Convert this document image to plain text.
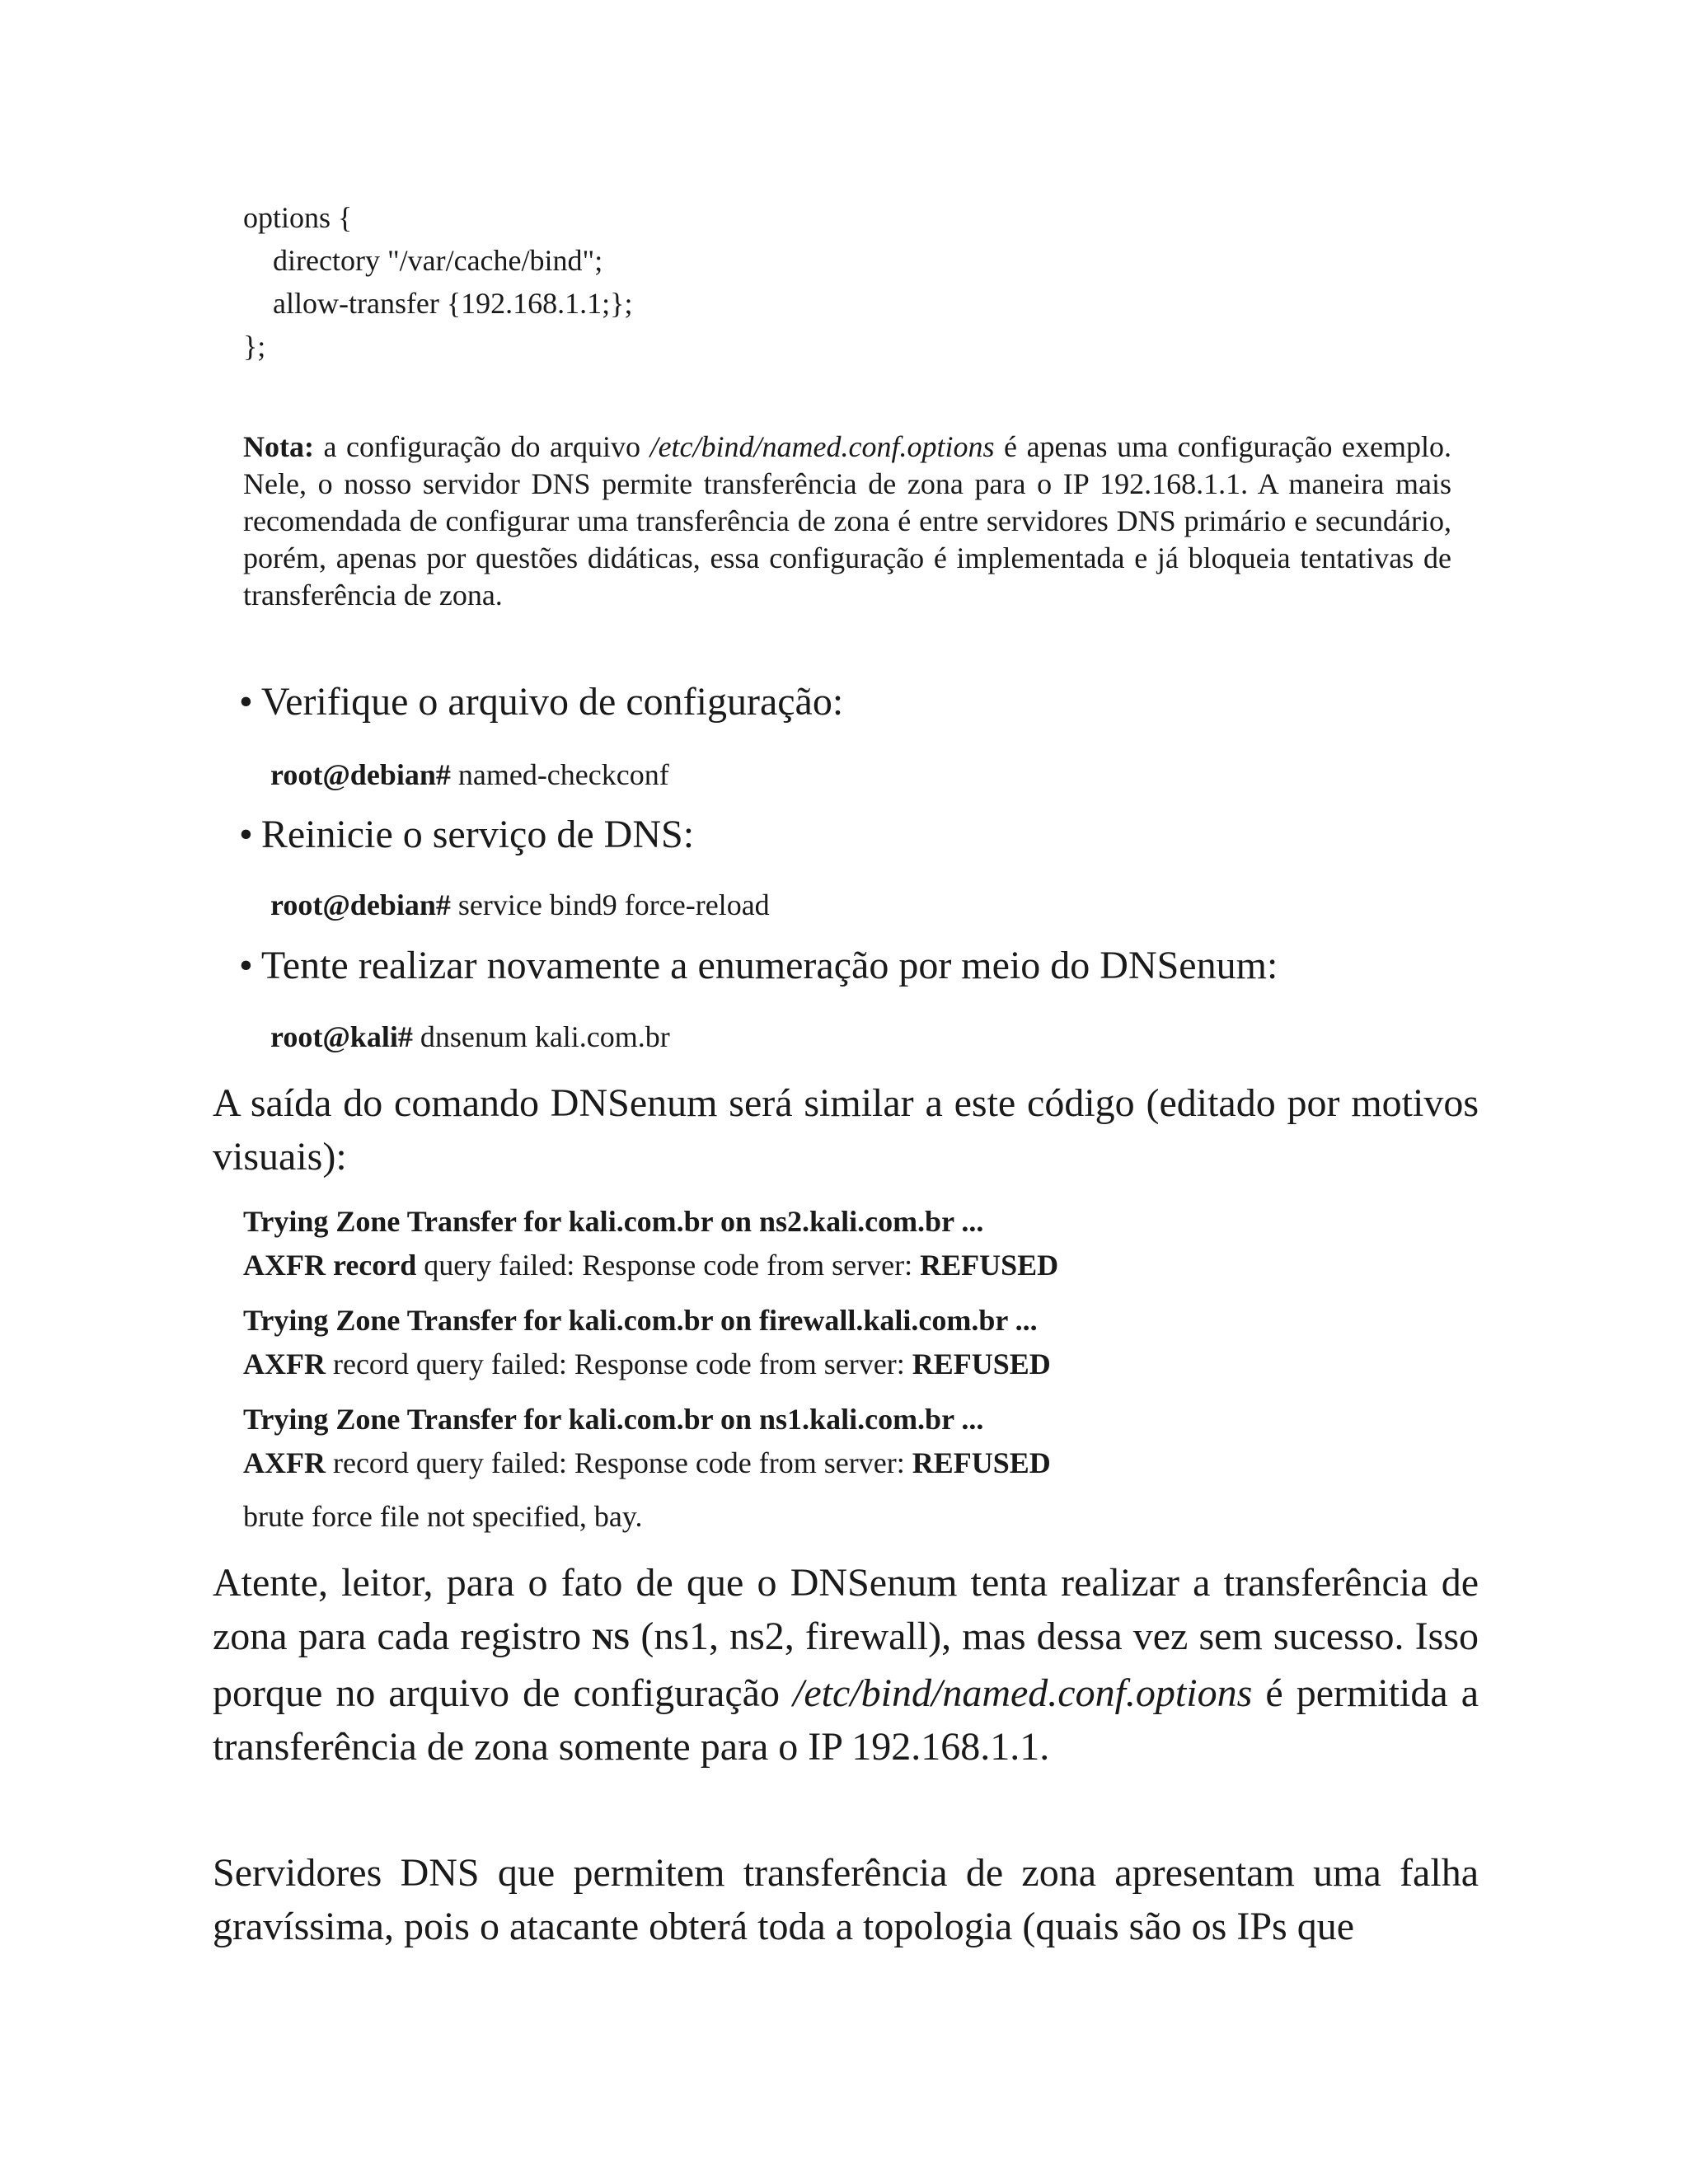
options {
directory "/var/cache/bind";
allow-transfer {192.168.1.1;};
};
Nota: a configuração do arquivo /etc/bind/named.conf.options é apenas uma configuração exemplo. Nele, o nosso servidor DNS permite transferência de zona para o IP 192.168.1.1. A maneira mais recomendada de configurar uma transferência de zona é entre servidores DNS primário e secundário, porém, apenas por questões didáticas, essa configuração é implementada e já bloqueia tentativas de transferência de zona.
• Verifique o arquivo de configuração:
root@debian# named-checkconf
• Reinicie o serviço de DNS:
root@debian# service bind9 force-reload
• Tente realizar novamente a enumeração por meio do DNSenum:
root@kali# dnsenum kali.com.br
A saída do comando DNSenum será similar a este código (editado por motivos visuais):
Trying Zone Transfer for kali.com.br on ns2.kali.com.br ...
AXFR record query failed: Response code from server: REFUSED
Trying Zone Transfer for kali.com.br on firewall.kali.com.br ...
AXFR record query failed: Response code from server: REFUSED
Trying Zone Transfer for kali.com.br on ns1.kali.com.br ...
AXFR record query failed: Response code from server: REFUSED
brute force file not specified, bay.
Atente, leitor, para o fato de que o DNSenum tenta realizar a transferência de zona para cada registro NS (ns1, ns2, firewall), mas dessa vez sem sucesso. Isso porque no arquivo de configuração /etc/bind/named.conf.options é permitida a transferência de zona somente para o IP 192.168.1.1.
Servidores DNS que permitem transferência de zona apresentam uma falha gravíssima, pois o atacante obterá toda a topologia (quais são os IPs que
